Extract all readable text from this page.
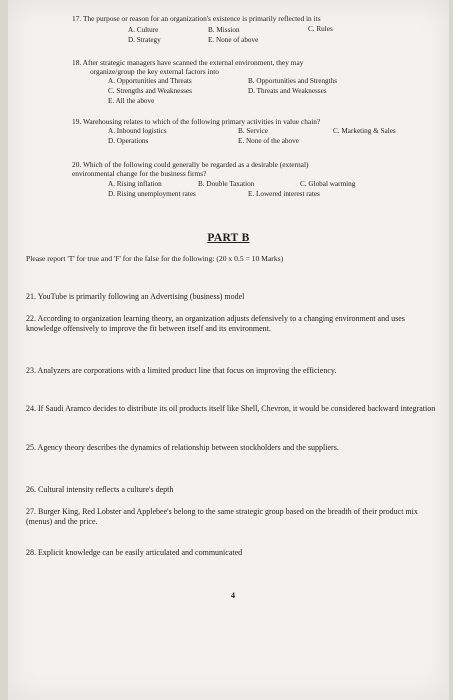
17. The purpose or reason for an organization's existence is primarily reflected in its
A. Culture	B. Mission	C. Rules
D. Strategy	E. None of above
18. After strategic managers have scanned the external environment, they may
organize/group the key external factors into
A. Opportunities and Threats	B. Opportunities and Strengths
C. Strengths and Weaknesses	D. Threats and Weaknesses
E. All the above
19. Warehousing relates to which of the following primary activities in value chain?
A. Inbound logistics	B. Service	C. Marketing & Sales
D. Operations	E. None of the above
20. Which of the following could generally be regarded as a desirable (external)
environmental change for the business firms?
A. Rising inflation	B. Double Taxation	C. Global warming
D. Rising unemployment rates	E. Lowered interest rates
PART B
Please report 'T' for true and 'F' for the false for the following: (20 x 0.5 = 10 Marks)
21. YouTube is primarily following an Advertising (business) model
22. According to organization learning theory, an organization adjusts defensively to a changing environment and uses knowledge offensively to improve the fit between itself and its environment.
23. Analyzers are corporations with a limited product line that focus on improving the efficiency.
24. If Saudi Aramco decides to distribute its oil products itself like Shell, Chevron, it would be considered backward integration
25. Agency theory describes the dynamics of relationship between stockholders and the suppliers.
26. Cultural intensity reflects a culture's depth
27. Burger King, Red Lobster and Applebee's belong to the same strategic group based on the breadth of their product mix (menus) and the price.
28. Explicit knowledge can be easily articulated and communicated
4
